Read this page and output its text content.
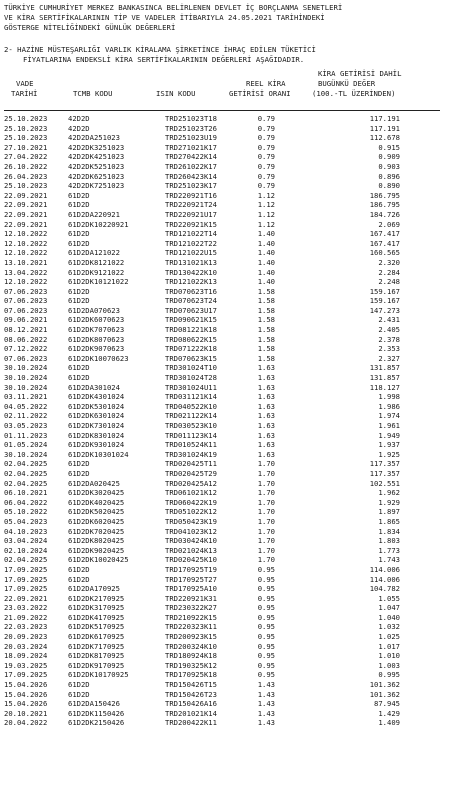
TÜRKİYE CUMHURİYET MERKEZ BANKASINCA BELİRLENEN DEVLET İÇ BORÇLANMA SENETLERİ
VE KİRA SERTİFİKALARININ TİP VE VADELER İTİBARIYLA 24.05.2021 TARİHİNDEKİ
GÖSTERGE NİTELİĞİNDEKİ GÜNLÜK DEĞERLERİ
2- HAZİNE MÜSTEŞARLIĞI VARLIK KİRALAMA ŞİRKETİNCE İHRAÇ EDİLEN TÜKETİCİ
FİYATLARINA ENDEKSLİ KİRA SERTİFİKALARININ DEĞERLERİ AŞAĞIDADIR.
VADE
TARİHİ	TCMB KODU	ISIN KODU
REEL KİRA
GETİRİSİ ORANI
KİRA GETİRİSİ DAHİL
BUGÜNKÜ DEĞER
(100.-TL ÜZERİNDEN)
25.10.2023	42D2D	TRD251023T18	0.79	117.191
25.10.2023	42D2D	TRD251023T26	0.79	117.191
25.10.2023	42D2DA251023	TRD251023U19	0.79	112.678
27.10.2021	42D2DK3251023	TRD271021K17	0.79	0.915
27.04.2022	42D2DK4251023	TRD270422K14	0.79	0.909
26.10.2022	42D2DK5251023	TRD261022K17	0.79	0.903
26.04.2023	42D2DK6251023	TRD260423K14	0.79	0.896
25.10.2023	42D2DK7251023	TRD251023K17	0.79	0.890
22.09.2021	61D2D	TRD220921T16	1.12	186.795
22.09.2021	61D2D	TRD220921T24	1.12	186.795
22.09.2021	61D2DA220921	TRD220921U17	1.12	184.726
22.09.2021	61D2DK10220921	TRD220921K15	1.12	2.069
12.10.2022	61D2D	TRD121022T14	1.40	167.417
12.10.2022	61D2D	TRD121022T22	1.40	167.417
12.10.2022	61D2DA121022	TRD121022U15	1.40	160.565
13.10.2021	61D2DK8121022	TRD131021K13	1.40	2.320
13.04.2022	61D2DK9121022	TRD130422K10	1.40	2.284
12.10.2022	61D2DK10121022	TRD121022K13	1.40	2.248
07.06.2023	61D2D	TRD070623T16	1.58	159.167
07.06.2023	61D2D	TRD070623T24	1.58	159.167
07.06.2023	61D2DA070623	TRD070623U17	1.58	147.273
09.06.2021	61D2DK6070623	TRD090621K15	1.58	2.431
08.12.2021	61D2DK7070623	TRD081221K18	1.58	2.405
08.06.2022	61D2DK8070623	TRD080622K15	1.58	2.378
07.12.2022	61D2DK9070623	TRD071222K18	1.58	2.353
07.06.2023	61D2DK10070623	TRD070623K15	1.58	2.327
30.10.2024	61D2D	TRD301024T10	1.63	131.857
30.10.2024	61D2D	TRD301024T28	1.63	131.857
30.10.2024	61D2DA301024	TRD301024U11	1.63	118.127
03.11.2021	61D2DK4301024	TRD031121K14	1.63	1.998
04.05.2022	61D2DK5301024	TRD040522K10	1.63	1.986
02.11.2022	61D2DK6301024	TRD021122K14	1.63	1.974
03.05.2023	61D2DK7301024	TRD030523K10	1.63	1.961
01.11.2023	61D2DK8301024	TRD011123K14	1.63	1.949
01.05.2024	61D2DK9301024	TRD010524K11	1.63	1.937
30.10.2024	61D2DK10301024	TRD301024K19	1.63	1.925
02.04.2025	61D2D	TRD020425T11	1.70	117.357
02.04.2025	61D2D	TRD020425T29	1.70	117.357
02.04.2025	61D2DA020425	TRD020425A12	1.70	102.551
06.10.2021	61D2DK3020425	TRD061021K12	1.70	1.962
06.04.2022	61D2DK4020425	TRD060422K19	1.70	1.929
05.10.2022	61D2DK5020425	TRD051022K12	1.70	1.897
05.04.2023	61D2DK6020425	TRD050423K19	1.70	1.865
04.10.2023	61D2DK7020425	TRD041023K12	1.70	1.834
03.04.2024	61D2DK8020425	TRD030424K10	1.70	1.803
02.10.2024	61D2DK9020425	TRD021024K13	1.70	1.773
02.04.2025	61D2DK10020425	TRD020425K10	1.70	1.743
17.09.2025	61D2D	TRD170925T19	0.95	114.006
17.09.2025	61D2D	TRD170925T27	0.95	114.006
17.09.2025	61D2DA170925	TRD170925A10	0.95	104.782
22.09.2021	61D2DK2170925	TRD220921K31	0.95	1.055
23.03.2022	61D2DK3170925	TRD230322K27	0.95	1.047
21.09.2022	61D2DK4170925	TRD210922K15	0.95	1.040
22.03.2023	61D2DK5170925	TRD220323K11	0.95	1.032
20.09.2023	61D2DK6170925	TRD200923K15	0.95	1.025
20.03.2024	61D2DK7170925	TRD200324K10	0.95	1.017
18.09.2024	61D2DK8170925	TRD180924K18	0.95	1.010
19.03.2025	61D2DK9170925	TRD190325K12	0.95	1.003
17.09.2025	61D2DK10170925	TRD170925K18	0.95	0.995
15.04.2026	61D2D	TRD150426T15	1.43	101.362
15.04.2026	61D2D	TRD150426T23	1.43	101.362
15.04.2026	61D2DA150426	TRD150426A16	1.43	87.945
20.10.2021	61D2DK1150426	TRD201021K14	1.43	1.429
20.04.2022	61D2DK2150426	TRD200422K11	1.43	1.409
